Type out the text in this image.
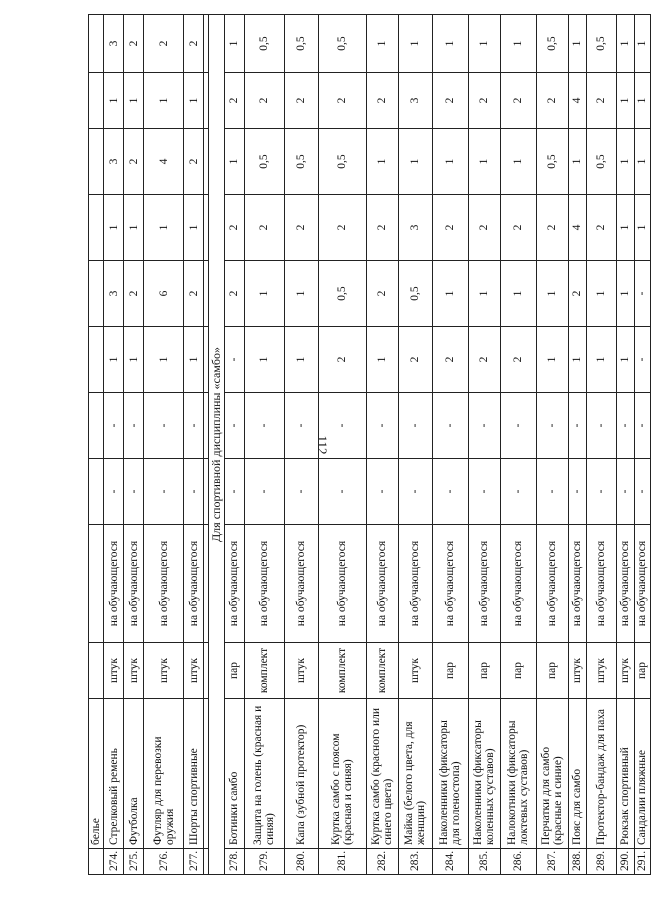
112
	белье										
274.	Стрелковый ремень	штук	на обучающегося	-	-	1	3	1	3	1	3
275.	Футболка	штук	на обучающегося	-	-	1	2	1	2	1	2
276.	Футляр для перевозки оружия	штук	на обучающегося	-	-	1	6	1	4	1	2
277.	Шорты спортивные	штук	на обучающегося	-	-	1	2	1	2	1	2

Для спортивной дисциплины «самбо»											
278.	Ботинки самбо	пар	на обучающегося	-	-	-	2	2	1	2	1
279.	Защита на голень (красная и синяя)	комплект	на обучающегося	-	-	1	1	2	0,5	2	0,5
280.	Капа (зубной протектор)	штук	на обучающегося	-	-	1	1	2	0,5	2	0,5
281.	Куртка самбо с поясом (красная и синяя)	комплект	на обучающегося	-	-	2	0,5	2	0,5	2	0,5
282.	Куртка самбо (красного или синего цвета)	комплект	на обучающегося	-	-	1	2	2	1	2	1
283.	Майка (белого цвета, для женщин)	штук	на обучающегося	-	-	2	0,5	3	1	3	1
284.	Наколенники (фиксаторы для голеностопа)	пар	на обучающегося	-	-	2	1	2	1	2	1
285.	Наколенники (фиксаторы коленных суставов)	пар	на обучающегося	-	-	2	1	2	1	2	1
286.	Налокотники (фиксаторы локтевых суставов)	пар	на обучающегося	-	-	2	1	2	1	2	1
287.	Перчатки для самбо (красные и синие)	пар	на обучающегося	-	-	1	1	2	0,5	2	0,5
288.	Пояс для самбо	штук	на обучающегося	-	-	1	2	4	1	4	1
289.	Протектор-бандаж для паха	штук	на обучающегося	-	-	1	1	2	0,5	2	0,5
290.	Рюкзак спортивный	штук	на обучающегося	-	-	1	1	1	1	1	1
291.	Сандалии пляжные	пар	на обучающегося	-	-	-	-	1	1	1	1
